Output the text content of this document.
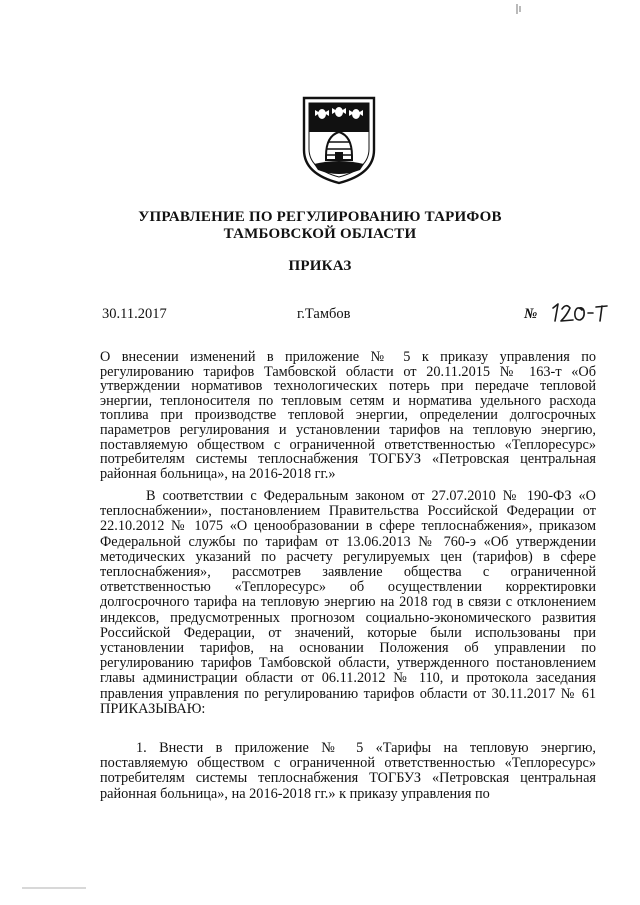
УПРАВЛЕНИЕ ПО РЕГУЛИРОВАНИЮ ТАРИФОВ
ТАМБОВСКОЙ ОБЛАСТИ
ПРИКАЗ
30.11.2017	г.Тамбов	№
О внесении изменений в приложение № 5 к приказу управления по регулированию тарифов Тамбовской области от 20.11.2015 № 163-т «Об утверждении нормативов технологических потерь при передаче тепловой энергии, теплоносителя по тепловым сетям и норматива удельного расхода топлива при производстве тепловой энергии, определении долгосрочных параметров регулирования и установлении тарифов на тепловую энергию, поставляемую обществом с ограниченной ответственностью «Теплоресурс» потребителям системы теплоснабжения ТОГБУЗ «Петровская центральная районная больница», на 2016-2018 гг.»

В соответствии с Федеральным законом от 27.07.2010 № 190-ФЗ «О теплоснабжении», постановлением Правительства Российской Федерации от 22.10.2012 № 1075 «О ценообразовании в сфере теплоснабжения», приказом Федеральной службы по тарифам от 13.06.2013 № 760-э «Об утверждении методических указаний по расчету регулируемых цен (тарифов) в сфере теплоснабжения», рассмотрев заявление общества с ограниченной ответственностью «Теплоресурс» об осуществлении корректировки долгосрочного тарифа на тепловую энергию на 2018 год в связи с отклонением индексов, предусмотренных прогнозом социально-экономического развития Российской Федерации, от значений, которые были использованы при установлении тарифов, на основании Положения об управлении по регулированию тарифов Тамбовской области, утвержденного постановлением главы администрации области от 06.11.2012 № 110, и протокола заседания правления управления по регулированию тарифов области от 30.11.2017 № 61 ПРИКАЗЫВАЮ:

1. Внести в приложение № 5 «Тарифы на тепловую энергию, поставляемую обществом с ограниченной ответственностью «Теплоресурс» потребителям системы теплоснабжения ТОГБУЗ «Петровская центральная районная больница», на 2016-2018 гг.» к приказу управления по
